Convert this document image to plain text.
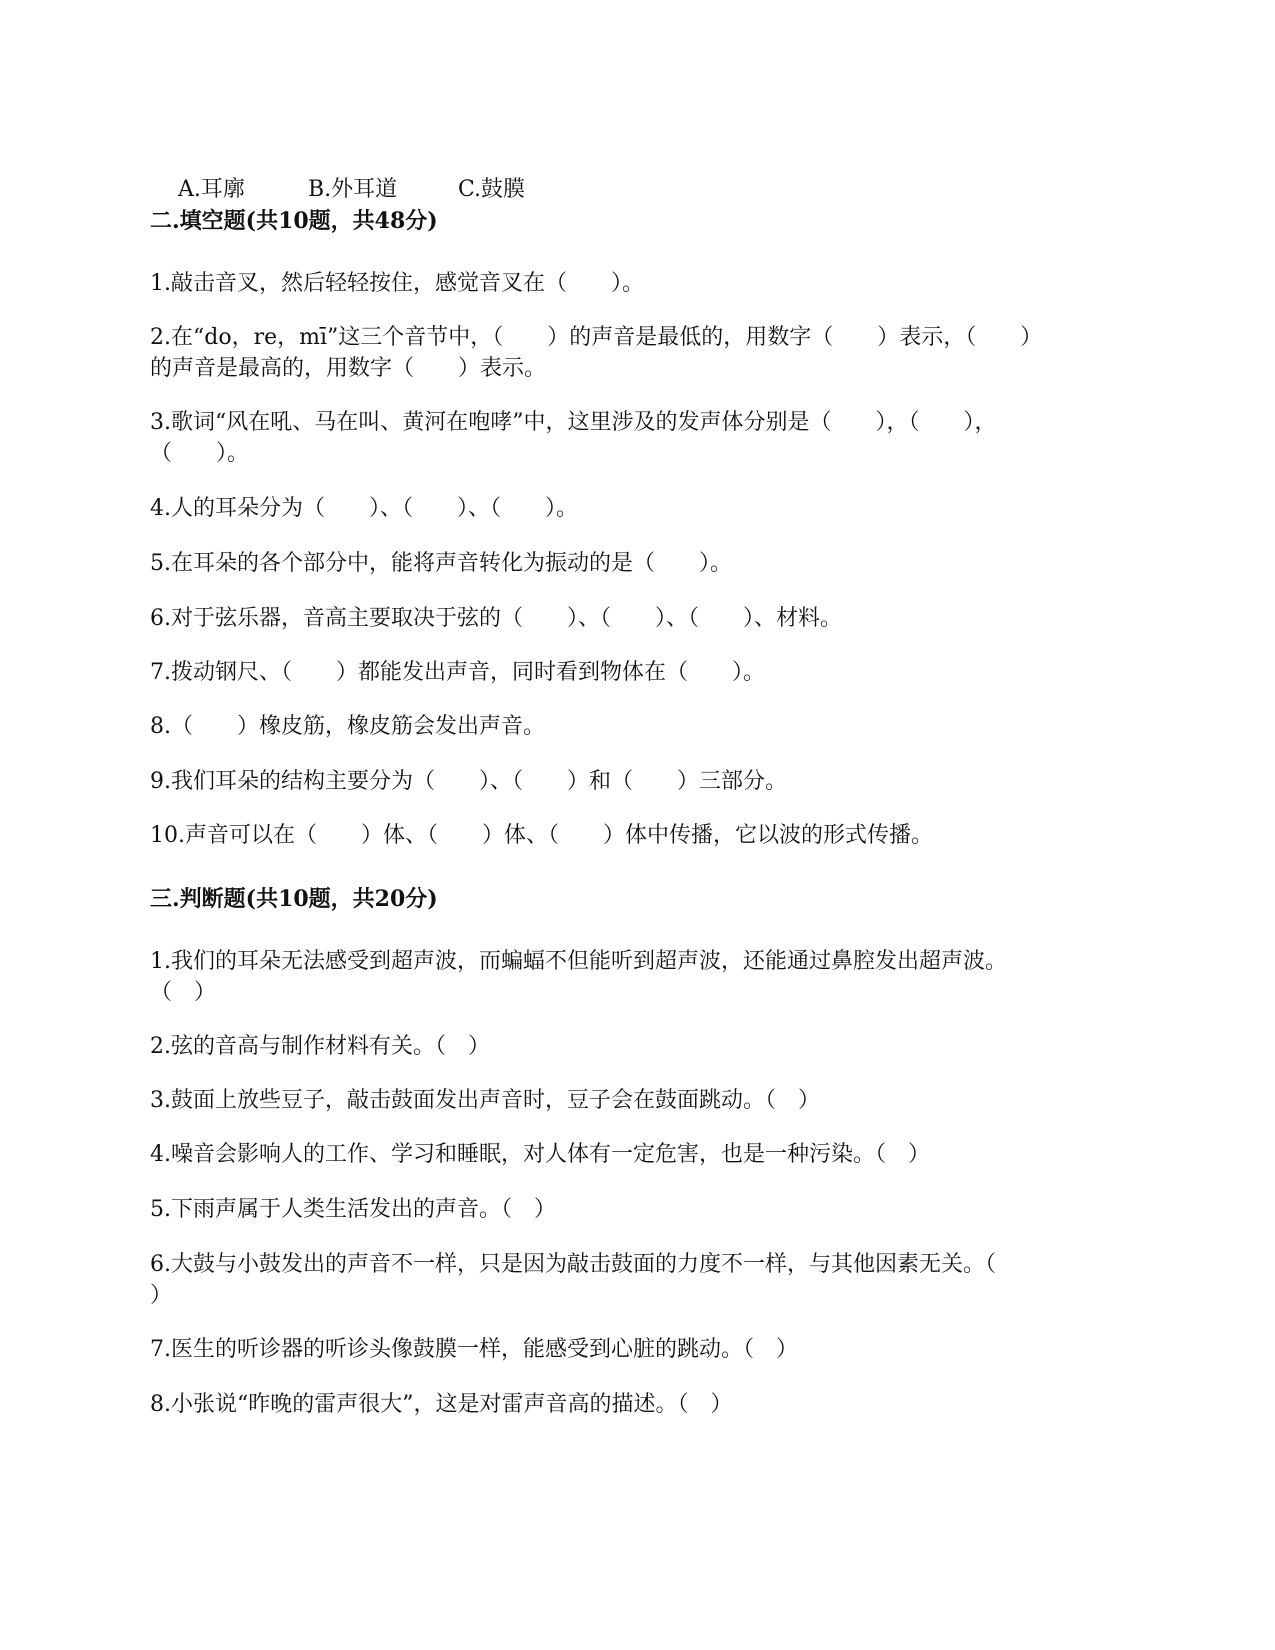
A.耳廓	B.外耳道	C.鼓膜

二.填空题(共10题，共48分)
1.敲击音叉，然后轻轻按住，感觉音叉在（　　）。
2.在“do，re，mī”这三个音节中，（　　）的声音是最低的，用数字（　　）表示，（　　）
的声音是最高的，用数字（　　）表示。
3.歌词“风在吼、马在叫、黄河在咆哮”中，这里涉及的发声体分别是（　　），（　　），
（　　）。
4.人的耳朵分为（　　）、（　　）、（　　）。
5.在耳朵的各个部分中，能将声音转化为振动的是（　　）。
6.对于弦乐器，音高主要取决于弦的（　　）、（　　）、（　　）、材料。
7.拨动钢尺、（　　）都能发出声音，同时看到物体在（　　）。
8.（　　）橡皮筋，橡皮筋会发出声音。
9.我们耳朵的结构主要分为（　　）、（　　）和（　　）三部分。
10.声音可以在（　　）体、（　　）体、（　　）体中传播，它以波的形式传播。
三.判断题(共10题，共20分)
1.我们的耳朵无法感受到超声波，而蝙蝠不但能听到超声波，还能通过鼻腔发出超声波。
（　）
2.弦的音高与制作材料有关。（　）
3.鼓面上放些豆子，敲击鼓面发出声音时，豆子会在鼓面跳动。（　）
4.噪音会影响人的工作、学习和睡眠，对人体有一定危害，也是一种污染。（　）
5.下雨声属于人类生活发出的声音。（　）
6.大鼓与小鼓发出的声音不一样，只是因为敲击鼓面的力度不一样，与其他因素无关。（
）
7.医生的听诊器的听诊头像鼓膜一样，能感受到心脏的跳动。（　）
8.小张说“昨晚的雷声很大”，这是对雷声音高的描述。（　）
